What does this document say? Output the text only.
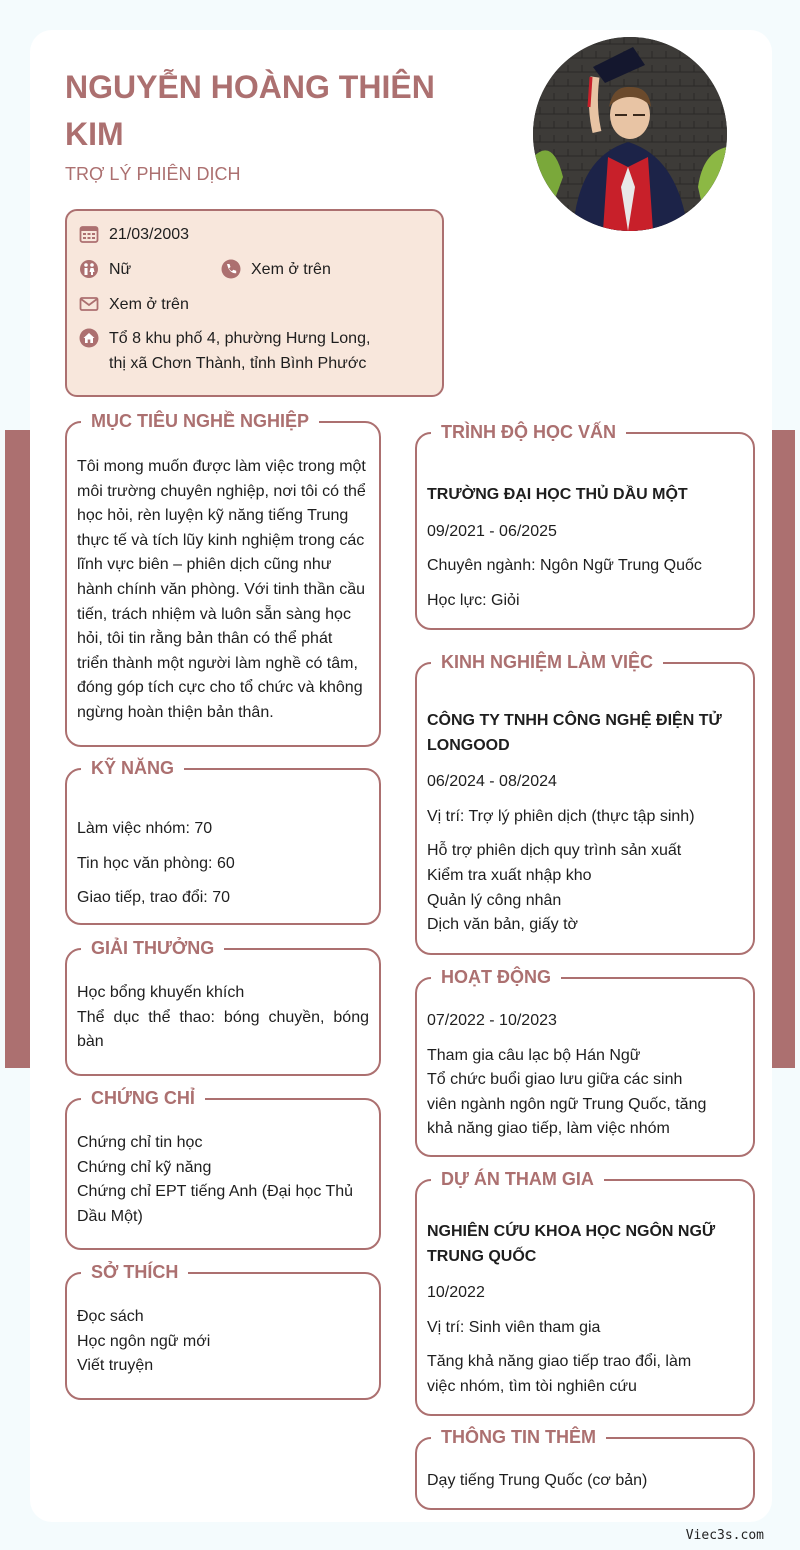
NGUYỄN HOÀNG THIÊN KIM
TRỢ LÝ PHIÊN DỊCH
21/03/2003
Nữ	Xem ở trên
Xem ở trên
Tổ 8 khu phố 4, phường Hưng Long,
thị xã Chơn Thành, tỉnh Bình Phước
MỤC TIÊU NGHỀ NGHIỆP
Tôi mong muốn được làm việc trong một
môi trường chuyên nghiệp, nơi tôi có thể
học hỏi, rèn luyện kỹ năng tiếng Trung
thực tế và tích lũy kinh nghiệm trong các
lĩnh vực biên – phiên dịch cũng như
hành chính văn phòng. Với tinh thần cầu
tiến, trách nhiệm và luôn sẵn sàng học
hỏi, tôi tin rằng bản thân có thể phát
triển thành một người làm nghề có tâm,
đóng góp tích cực cho tổ chức và không
ngừng hoàn thiện bản thân.
KỸ NĂNG
Làm việc nhóm: 70
Tin học văn phòng: 60
Giao tiếp, trao đổi: 70
GIẢI THƯỞNG
Học bổng khuyến khích
Thể dục thể thao: bóng chuyền, bóng
bàn
CHỨNG CHỈ
Chứng chỉ tin học
Chứng chỉ kỹ năng
Chứng chỉ EPT tiếng Anh (Đại học Thủ
Dầu Một)
SỞ THÍCH
Đọc sách
Học ngôn ngữ mới
Viết truyện
TRÌNH ĐỘ HỌC VẤN
TRƯỜNG ĐẠI HỌC THỦ DẦU MỘT
09/2021 - 06/2025
Chuyên ngành: Ngôn Ngữ Trung Quốc
Học lực: Giỏi
KINH NGHIỆM LÀM VIỆC
CÔNG TY TNHH CÔNG NGHỆ ĐIỆN TỬ
LONGOOD
06/2024 - 08/2024
Vị trí: Trợ lý phiên dịch (thực tập sinh)
Hỗ trợ phiên dịch quy trình sản xuất
Kiểm tra xuất nhập kho
Quản lý công nhân
Dịch văn bản, giấy tờ
HOẠT ĐỘNG
07/2022 - 10/2023
Tham gia câu lạc bộ Hán Ngữ
Tổ chức buổi giao lưu giữa các sinh
viên ngành ngôn ngữ Trung Quốc, tăng
khả năng giao tiếp, làm việc nhóm
DỰ ÁN THAM GIA
NGHIÊN CỨU KHOA HỌC NGÔN NGỮ
TRUNG QUỐC
10/2022
Vị trí: Sinh viên tham gia
Tăng khả năng giao tiếp trao đổi, làm
việc nhóm, tìm tòi nghiên cứu
THÔNG TIN THÊM
Dạy tiếng Trung Quốc (cơ bản)
Viec3s.com
